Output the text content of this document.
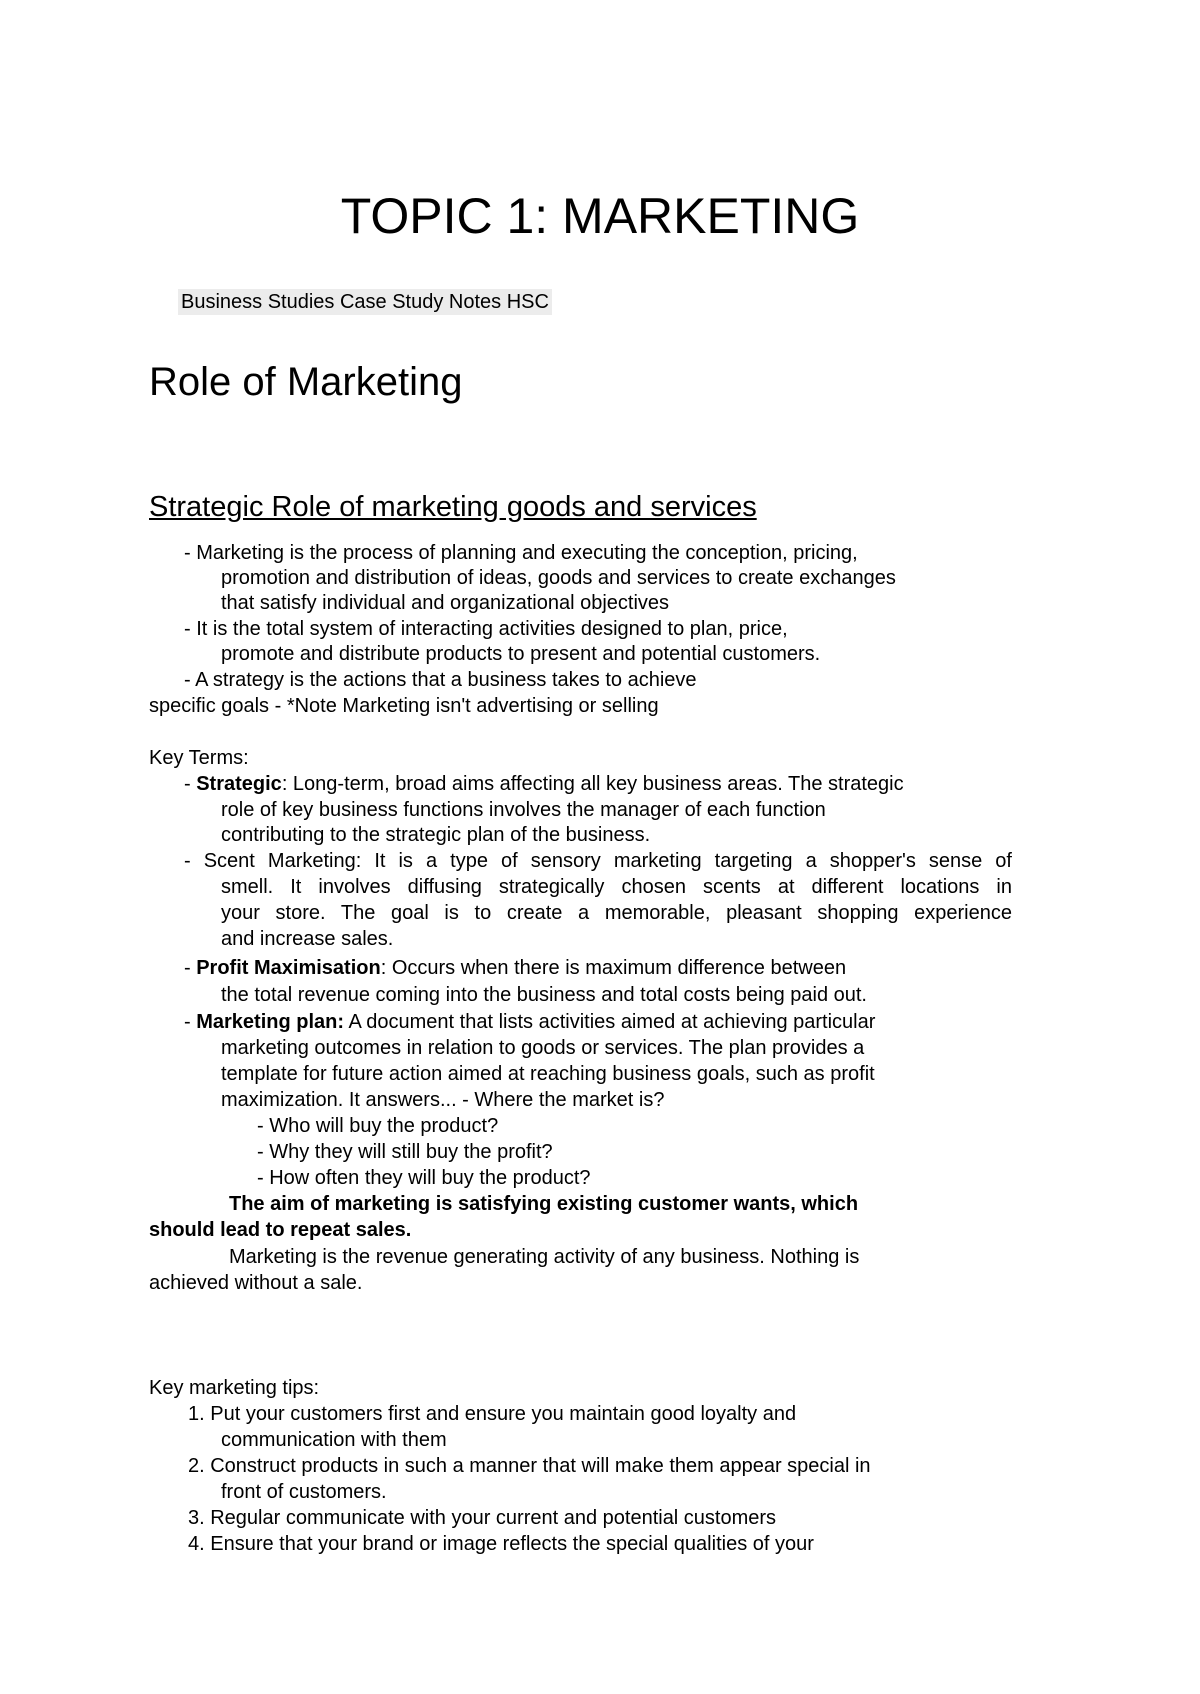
TOPIC 1: MARKETING
Business Studies Case Study Notes HSC
Role of Marketing
Strategic Role of marketing goods and services
- Marketing is the process of planning and executing the conception, pricing,
promotion and distribution of ideas, goods and services to create exchanges
that satisfy individual and organizational objectives
- It is the total system of interacting activities designed to plan, price,
promote and distribute products to present and potential customers.
- A strategy is the actions that a business takes to achieve
specific goals - *Note Marketing isn't advertising or selling
Key Terms:
- Strategic: Long-term, broad aims affecting all key business areas. The strategic
role of key business functions involves the manager of each function
contributing to the strategic plan of the business.
- Scent Marketing: It is a type of sensory marketing targeting a shopper's sense of
smell. It involves diffusing strategically chosen scents at different locations in
your store. The goal is to create a memorable, pleasant shopping experience
and increase sales.
- Profit Maximisation: Occurs when there is maximum difference between
the total revenue coming into the business and total costs being paid out.
- Marketing plan: A document that lists activities aimed at achieving particular
marketing outcomes in relation to goods or services. The plan provides a
template for future action aimed at reaching business goals, such as profit
maximization. It answers... - Where the market is?
- Who will buy the product?
- Why they will still buy the profit?
- How often they will buy the product?
The aim of marketing is satisfying existing customer wants, which
should lead to repeat sales.
Marketing is the revenue generating activity of any business. Nothing is
achieved without a sale.
Key marketing tips:
1. Put your customers first and ensure you maintain good loyalty and
communication with them
2. Construct products in such a manner that will make them appear special in
front of customers.
3. Regular communicate with your current and potential customers
4. Ensure that your brand or image reflects the special qualities of your
